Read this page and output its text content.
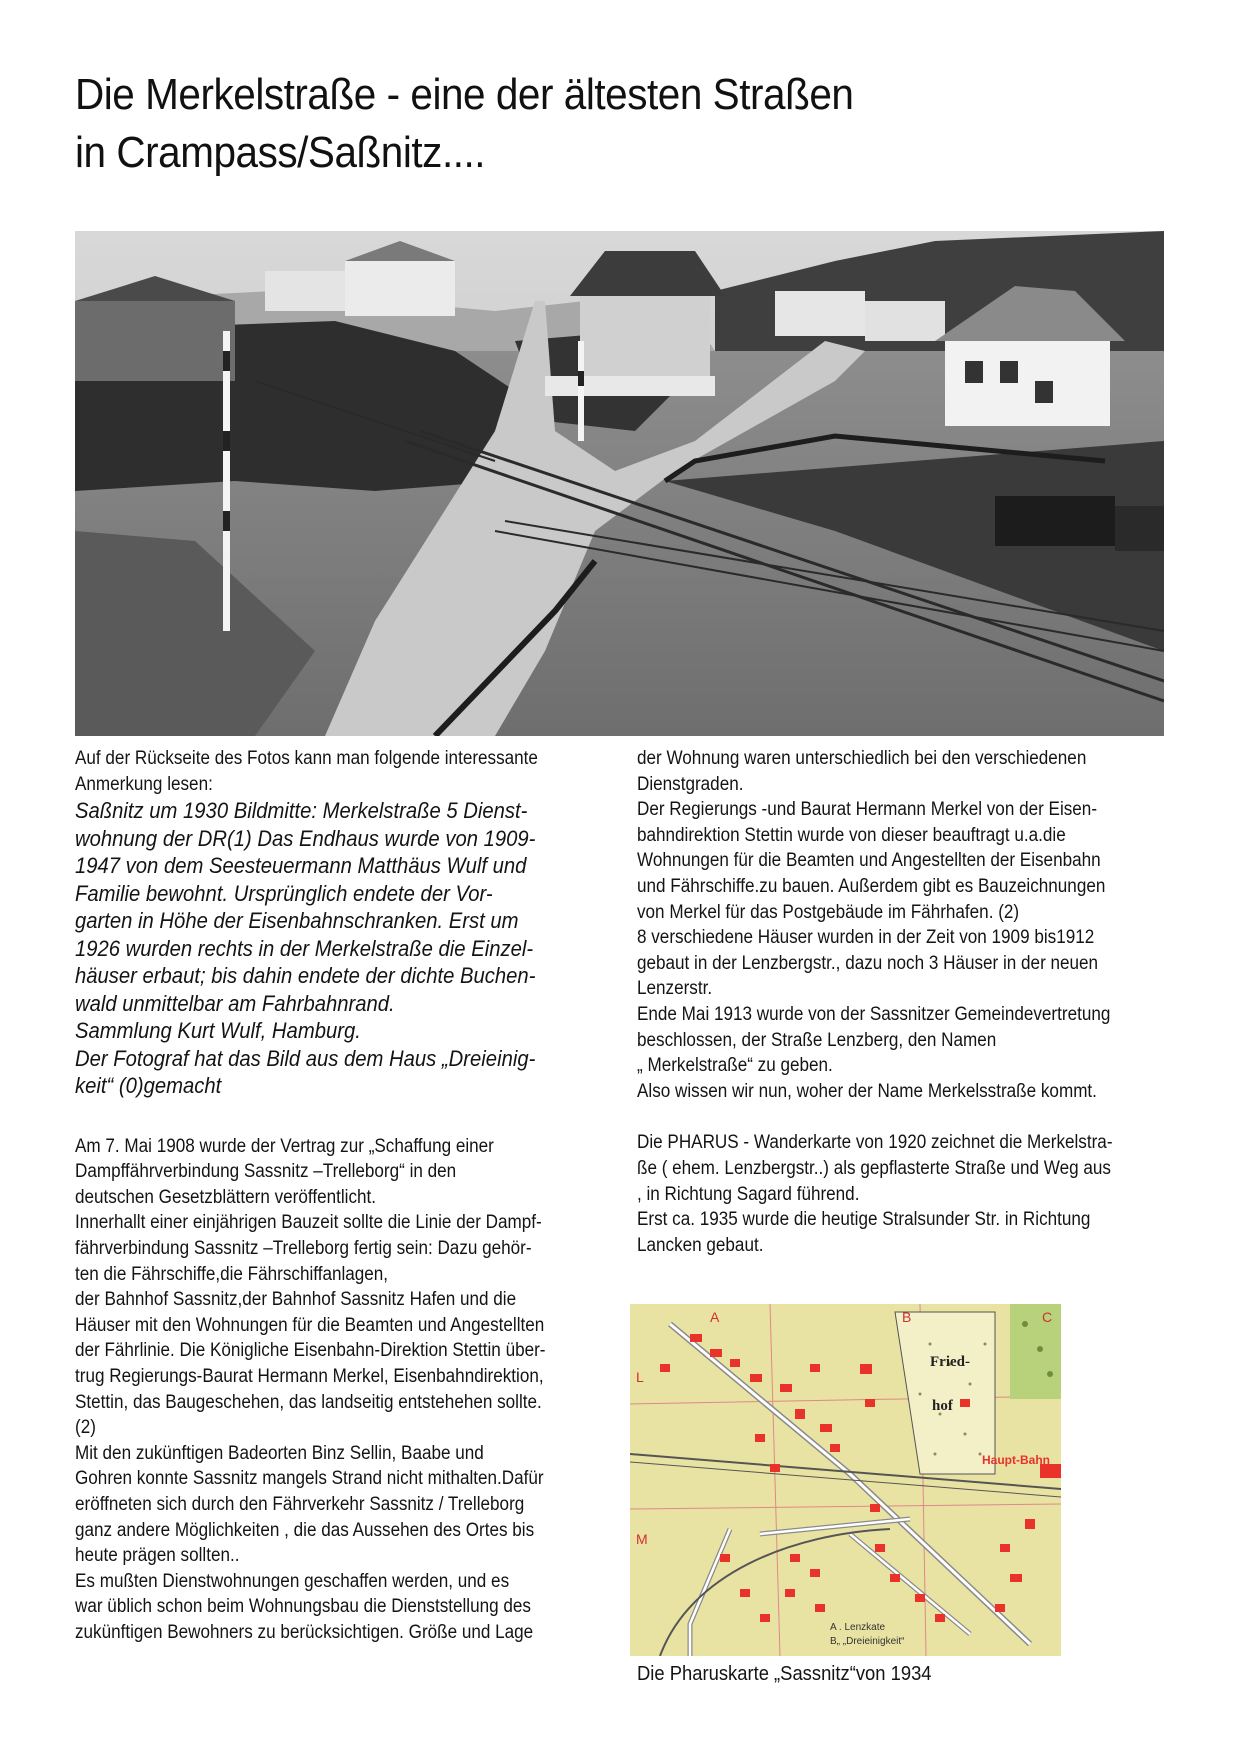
Die Merkelstraße - eine der ältesten Straßen
in Crampass/Saßnitz....

Auf der Rückseite des Fotos kann man folgende interessante

Anmerkung lesen:

Saßnitz um 1930 Bildmitte: Merkelstraße 5 Dienst-

wohnung der DR(1) Das Endhaus wurde von 1909-

1947 von dem Seesteuermann Matthäus Wulf und

Familie bewohnt. Ursprünglich endete der Vor-

garten in Höhe der Eisenbahnschranken. Erst um

1926 wurden rechts in der Merkelstraße die Einzel-

häuser erbaut; bis dahin endete der dichte Buchen-

wald unmittelbar am Fahrbahnrand.

Sammlung Kurt Wulf, Hamburg.

Der Fotograf hat das Bild aus dem Haus „Dreieinig-

keit“ (0)gemacht

Am 7. Mai 1908 wurde der Vertrag zur „Schaffung einer

Dampffährverbindung Sassnitz –Trelleborg“ in den

deutschen Gesetzblättern veröffentlicht.

Innerhallt einer einjährigen Bauzeit sollte die Linie der Dampf-

fährverbindung Sassnitz –Trelleborg fertig sein: Dazu gehör-

ten die Fährschiffe,die Fährschiffanlagen,

der Bahnhof Sassnitz,der Bahnhof Sassnitz Hafen und die

Häuser mit den Wohnungen für die Beamten und Angestellten

der Fährlinie. Die Königliche Eisenbahn-Direktion Stettin über-

trug Regierungs-Baurat Hermann Merkel, Eisenbahndirektion,

Stettin, das Baugeschehen, das landseitig entstehehen sollte.

(2)

Mit den zukünftigen Badeorten Binz Sellin, Baabe und

Gohren konnte Sassnitz mangels Strand nicht mithalten.Dafür

eröffneten sich durch den Fährverkehr Sassnitz / Trelleborg

ganz andere Möglichkeiten , die das Aussehen des Ortes bis

heute prägen sollten..

Es mußten Dienstwohnungen geschaffen werden, und es

war üblich schon beim Wohnungsbau die Dienststellung des

zukünftigen Bewohners zu berücksichtigen. Größe und Lage

der Wohnung waren unterschiedlich bei den verschiedenen

Dienstgraden.

Der Regierungs -und Baurat Hermann Merkel von der Eisen-

bahndirektion Stettin wurde von dieser beauftragt u.a.die

Wohnungen für die Beamten und Angestellten der Eisenbahn

und Fährschiffe.zu bauen. Außerdem gibt es Bauzeichnungen

von Merkel für das Postgebäude im Fährhafen. (2)

8 verschiedene Häuser wurden in der Zeit von 1909 bis1912

gebaut in der Lenzbergstr., dazu noch 3 Häuser in der neuen

Lenzerstr.

Ende Mai 1913 wurde von der Sassnitzer Gemeindevertretung

beschlossen, der Straße Lenzberg, den Namen

„ Merkelstraße“ zu geben.

Also wissen wir nun, woher der Name Merkelsstraße kommt.

Die PHARUS - Wanderkarte von 1920 zeichnet die Merkelstra-

ße ( ehem. Lenzbergstr..) als gepflasterte Straße und Weg aus

, in Richtung Sagard führend.

Erst ca. 1935 wurde die heutige Stralsunder Str. in Richtung

Lancken gebaut.

A	B	C
L
M
Fried-
hof
Haupt-Bahn
A . Lenzkate
B„ „Dreieinigkeit“
Die Pharuskarte „Sassnitz“von 1934
